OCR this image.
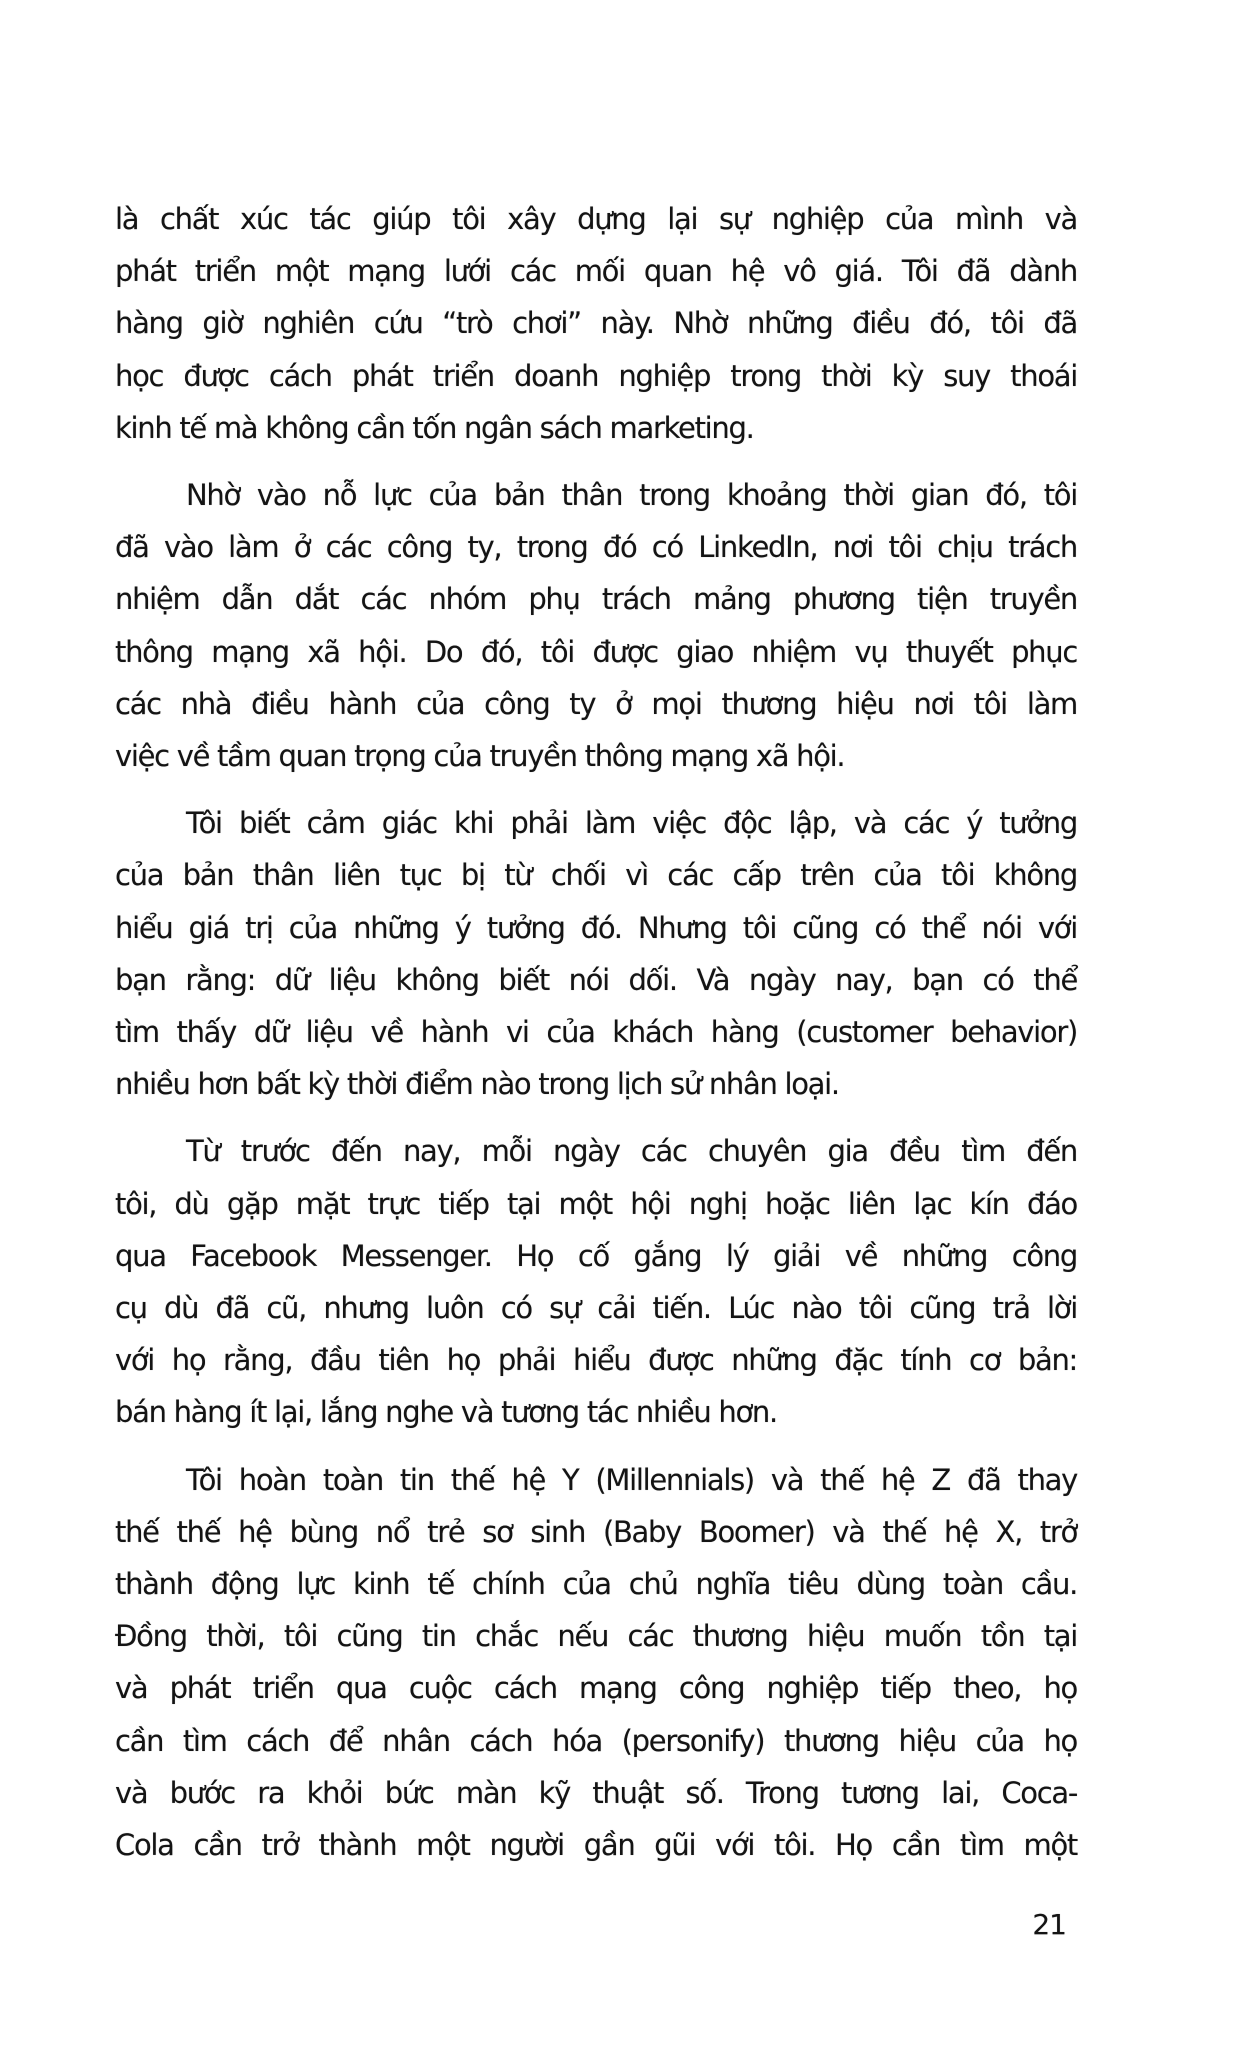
là chất xúc tác giúp tôi xây dựng lại sự nghiệp của mình và
phát triển một mạng lưới các mối quan hệ vô giá. Tôi đã dành
hàng giờ nghiên cứu “trò chơi” này. Nhờ những điều đó, tôi đã
học được cách phát triển doanh nghiệp trong thời kỳ suy thoái
kinh tế mà không cần tốn ngân sách marketing.

Nhờ vào nỗ lực của bản thân trong khoảng thời gian đó, tôi
đã vào làm ở các công ty, trong đó có LinkedIn, nơi tôi chịu trách
nhiệm dẫn dắt các nhóm phụ trách mảng phương tiện truyền
thông mạng xã hội. Do đó, tôi được giao nhiệm vụ thuyết phục
các nhà điều hành của công ty ở mọi thương hiệu nơi tôi làm
việc về tầm quan trọng của truyền thông mạng xã hội.

Tôi biết cảm giác khi phải làm việc độc lập, và các ý tưởng
của bản thân liên tục bị từ chối vì các cấp trên của tôi không
hiểu giá trị của những ý tưởng đó. Nhưng tôi cũng có thể nói với
bạn rằng: dữ liệu không biết nói dối. Và ngày nay, bạn có thể
tìm thấy dữ liệu về hành vi của khách hàng (customer behavior)
nhiều hơn bất kỳ thời điểm nào trong lịch sử nhân loại.

Từ trước đến nay, mỗi ngày các chuyên gia đều tìm đến
tôi, dù gặp mặt trực tiếp tại một hội nghị hoặc liên lạc kín đáo
qua Facebook Messenger. Họ cố gắng lý giải về những công
cụ dù đã cũ, nhưng luôn có sự cải tiến. Lúc nào tôi cũng trả lời
với họ rằng, đầu tiên họ phải hiểu được những đặc tính cơ bản:
bán hàng ít lại, lắng nghe và tương tác nhiều hơn.

Tôi hoàn toàn tin thế hệ Y (Millennials) và thế hệ Z đã thay
thế thế hệ bùng nổ trẻ sơ sinh (Baby Boomer) và thế hệ X, trở
thành động lực kinh tế chính của chủ nghĩa tiêu dùng toàn cầu.
Đồng thời, tôi cũng tin chắc nếu các thương hiệu muốn tồn tại
và phát triển qua cuộc cách mạng công nghiệp tiếp theo, họ
cần tìm cách để nhân cách hóa (personify) thương hiệu của họ
và bước ra khỏi bức màn kỹ thuật số. Trong tương lai, Coca-
Cola cần trở thành một người gần gũi với tôi. Họ cần tìm một

21
